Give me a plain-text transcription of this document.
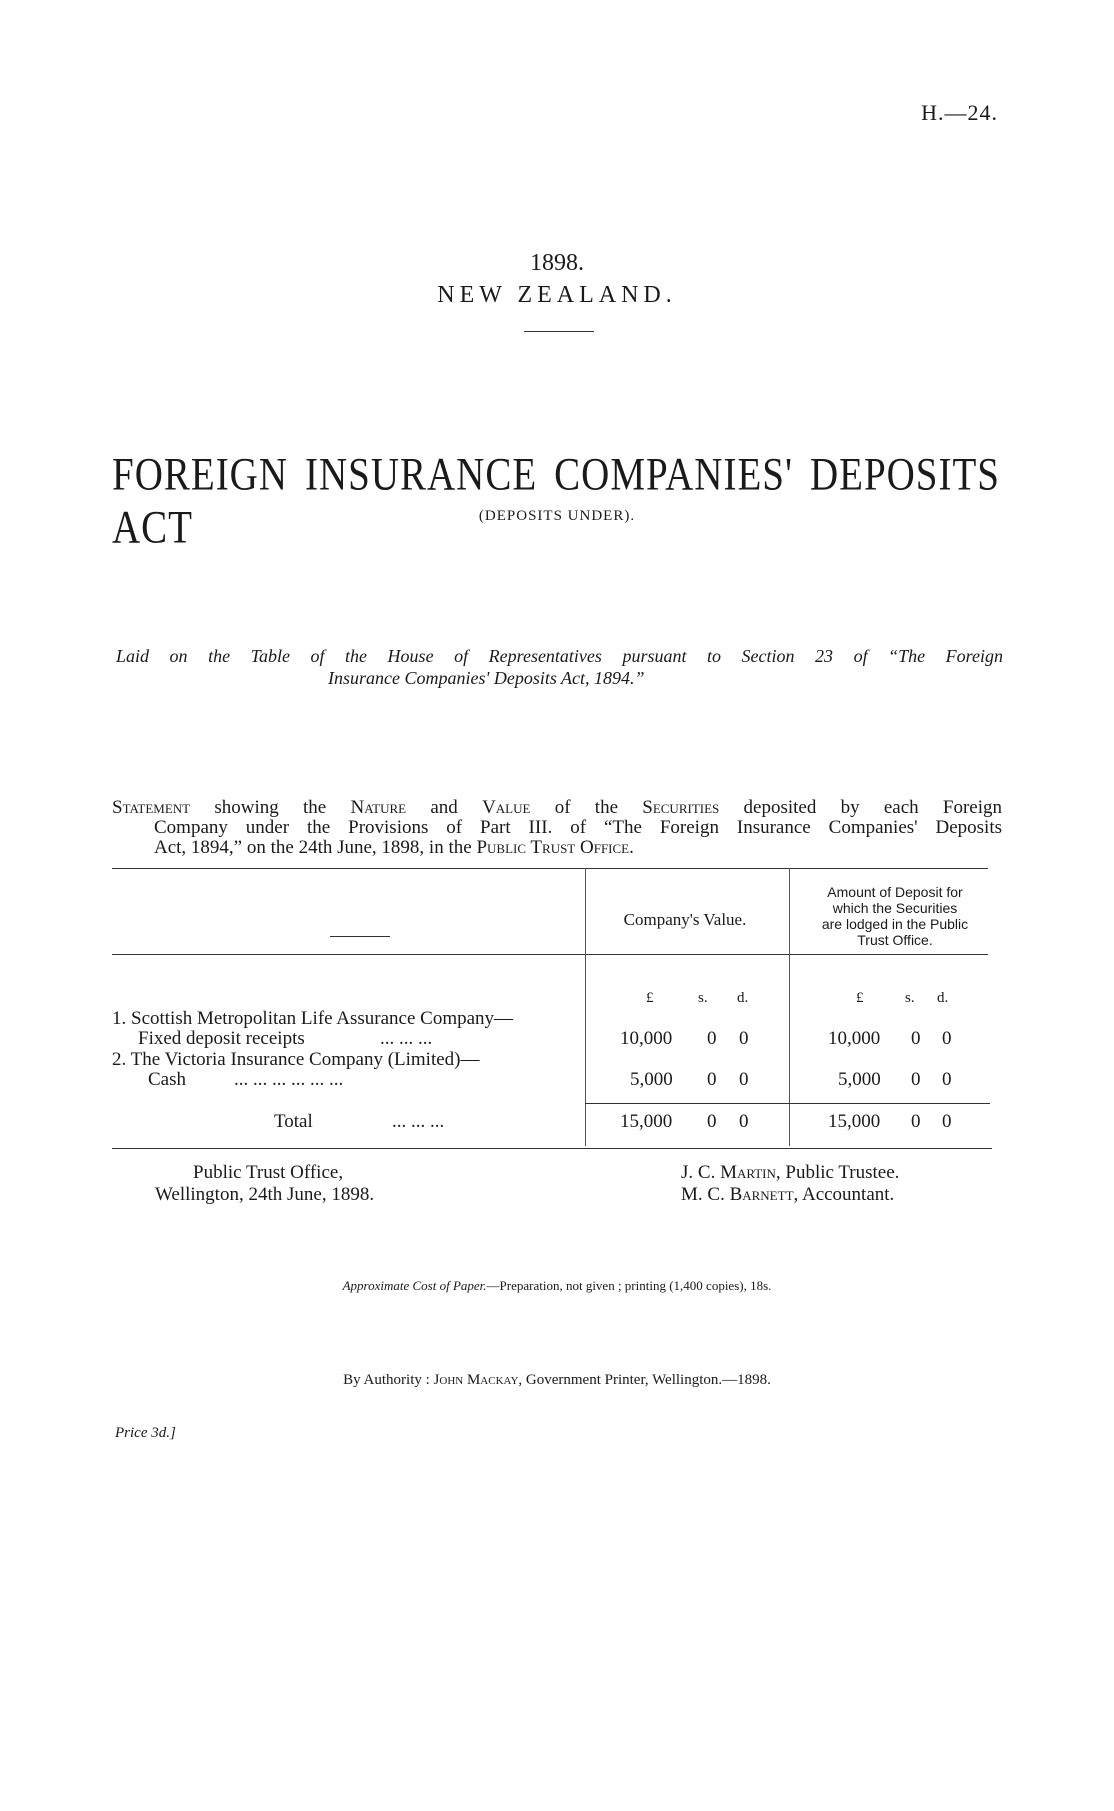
H.—24.
1898.
NEW ZEALAND.
FOREIGN INSURANCE COMPANIES' DEPOSITS ACT	(DEPOSITS UNDER).
Laid on the Table of the House of Representatives pursuant to Section 23 of “The Foreign
Insurance Companies' Deposits Act, 1894.”
Statement showing the Nature and Value of the Securities deposited by each Foreign
Company under the Provisions of Part III. of “The Foreign Insurance Companies' Deposits
Act, 1894,” on the 24th June, 1898, in the Public Trust Office.
Company's Value.
Amount of Deposit for
which the Securities
are lodged in the Public
Trust Office.
£	s. d.	£	s. d.
1. Scottish Metropolitan Life Assurance Company—
Fixed deposit receipts	... ... ...	10,000 0 0	10,000 0 0
2. The Victoria Insurance Company (Limited)—
Cash	... ... ... ... ... ...	5,000 0 0	5,000 0 0
Total	... ... ...	15,000 0 0	15,000 0 0
Public Trust Office,
Wellington, 24th June, 1898.
J. C. Martin, Public Trustee.
M. C. Barnett, Accountant.
Approximate Cost of Paper.—Preparation, not given ; printing (1,400 copies), 18s.
By Authority : John Mackay, Government Printer, Wellington.—1898.
Price 3d.]
